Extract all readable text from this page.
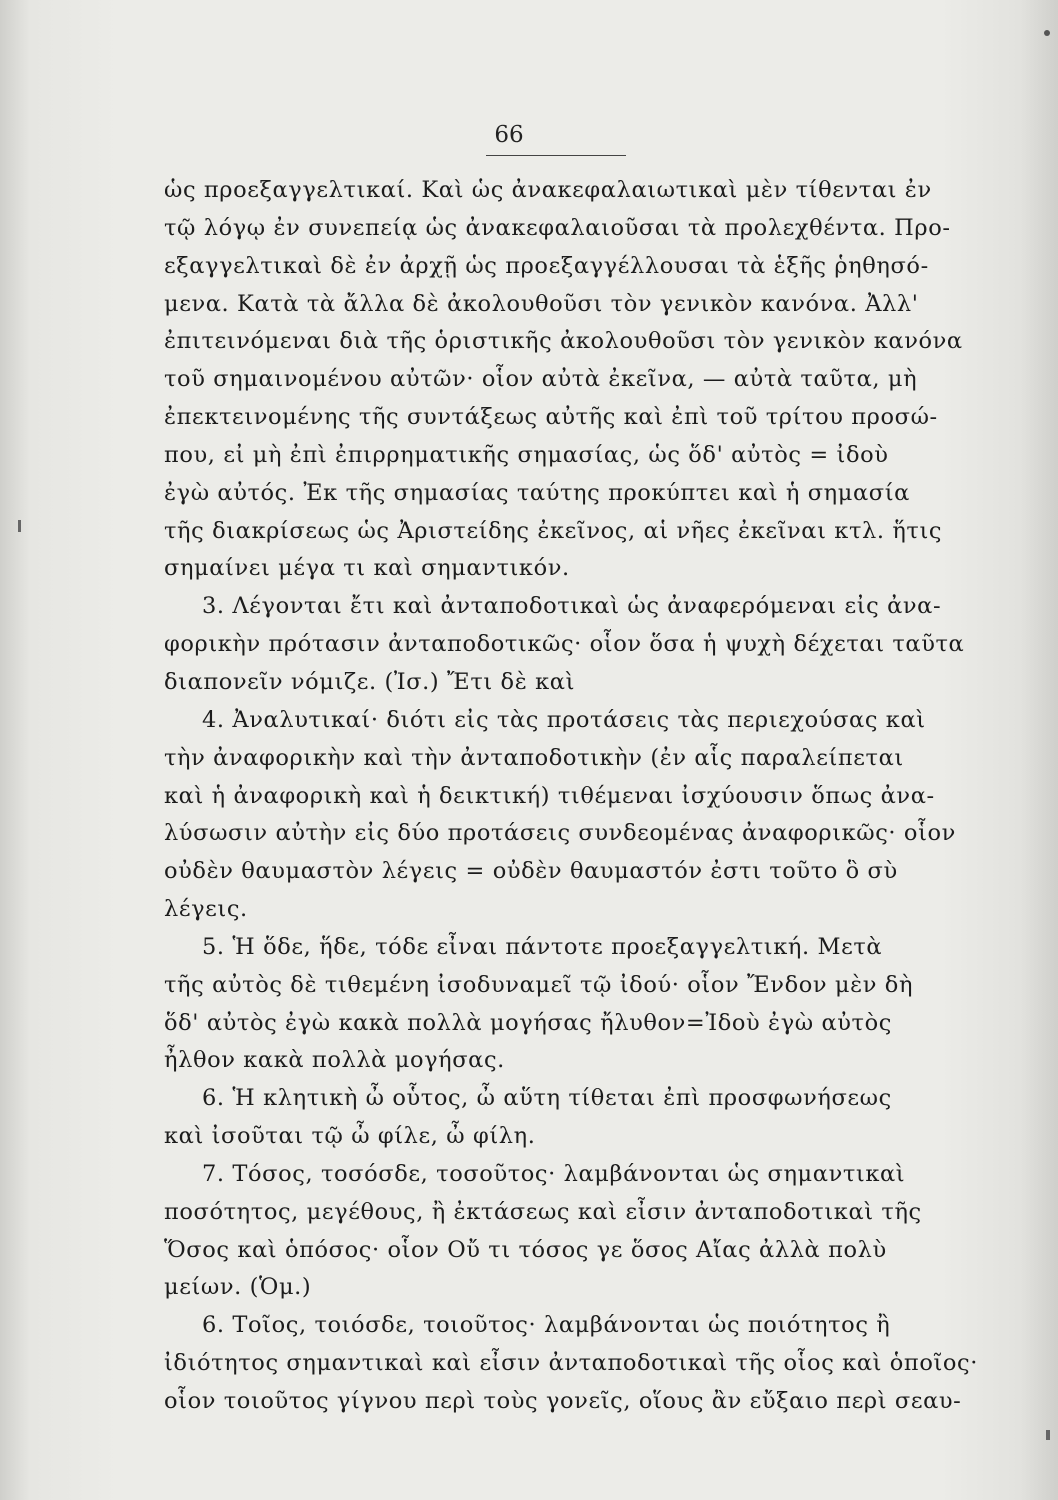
66
ὡς προεξαγγελτικαί. Καὶ ὡς ἀνακεφαλαιωτικαὶ μὲν τίθενται ἐν
τῷ λόγῳ ἐν συνεπείᾳ ὡς ἀνακεφαλαιοῦσαι τὰ προλεχθέντα. Προ-
εξαγγελτικαὶ δὲ ἐν ἀρχῇ ὡς προεξαγγέλλουσαι τὰ ἑξῆς ῥηθησό-
μενα. Κατὰ τὰ ἄλλα δὲ ἀκολουθοῦσι τὸν γενικὸν κανόνα. Ἀλλ'
ἐπιτεινόμεναι διὰ τῆς ὁριστικῆς ἀκολουθοῦσι τὸν γενικὸν κανόνα
τοῦ σημαινομένου αὐτῶν· οἷον αὐτὰ ἐκεῖνα, — αὐτὰ ταῦτα, μὴ
ἐπεκτεινομένης τῆς συντάξεως αὐτῆς καὶ ἐπὶ τοῦ τρίτου προσώ-
που, εἰ μὴ ἐπὶ ἐπιρρηματικῆς σημασίας, ὡς ὅδ' αὐτὸς = ἰδοὺ
ἐγὼ αὐτός. Ἐκ τῆς σημασίας ταύτης προκύπτει καὶ ἡ σημασία
τῆς διακρίσεως ὡς Ἀριστείδης ἐκεῖνος, αἱ νῆες ἐκεῖναι κτλ. ἥτις
σημαίνει μέγα τι καὶ σημαντικόν.
3. Λέγονται ἔτι καὶ ἀνταποδοτικαὶ ὡς ἀναφερόμεναι εἰς ἀνα-
φορικὴν πρότασιν ἀνταποδοτικῶς· οἷον ὅσα ἡ ψυχὴ δέχεται ταῦτα
διαπονεῖν νόμιζε. (Ἰσ.) Ἔτι δὲ καὶ
4. Ἀναλυτικαί· διότι εἰς τὰς προτάσεις τὰς περιεχούσας καὶ
τὴν ἀναφορικὴν καὶ τὴν ἀνταποδοτικὴν (ἐν αἷς παραλείπεται
καὶ ἡ ἀναφορικὴ καὶ ἡ δεικτική) τιθέμεναι ἰσχύουσιν ὅπως ἀνα-
λύσωσιν αὐτὴν εἰς δύο προτάσεις συνδεομένας ἀναφορικῶς· οἷον
οὐδὲν θαυμαστὸν λέγεις = οὐδὲν θαυμαστόν ἐστι τοῦτο ὃ σὺ
λέγεις.
5. Ἡ ὅδε, ἥδε, τόδε εἶναι πάντοτε προεξαγγελτική. Μετὰ
τῆς αὐτὸς δὲ τιθεμένη ἰσοδυναμεῖ τῷ ἰδού· οἷον Ἔνδον μὲν δὴ
ὅδ' αὐτὸς ἐγὼ κακὰ πολλὰ μογήσας ἤλυθον=Ἰδοὺ ἐγὼ αὐτὸς
ἦλθον κακὰ πολλὰ μογήσας.
6. Ἡ κλητικὴ ὦ οὗτος, ὦ αὕτη τίθεται ἐπὶ προσφωνήσεως
καὶ ἰσοῦται τῷ ὦ φίλε, ὦ φίλη.
7. Τόσος, τοσόσδε, τοσοῦτος· λαμβάνονται ὡς σημαντικαὶ
ποσότητος, μεγέθους, ἢ ἐκτάσεως καὶ εἶσιν ἀνταποδοτικαὶ τῆς
Ὅσος καὶ ὁπόσος· οἷον Οὔ τι τόσος γε ὅσος Αἴας ἀλλὰ πολὺ
μείων. (Ὁμ.)
6. Τοῖος, τοιόσδε, τοιοῦτος· λαμβάνονται ὡς ποιότητος ἢ
ἰδιότητος σημαντικαὶ καὶ εἶσιν ἀνταποδοτικαὶ τῆς οἷος καὶ ὁποῖος·
οἷον τοιοῦτος γίγνου περὶ τοὺς γονεῖς, οἵους ἂν εὔξαιο περὶ σεαυ-
